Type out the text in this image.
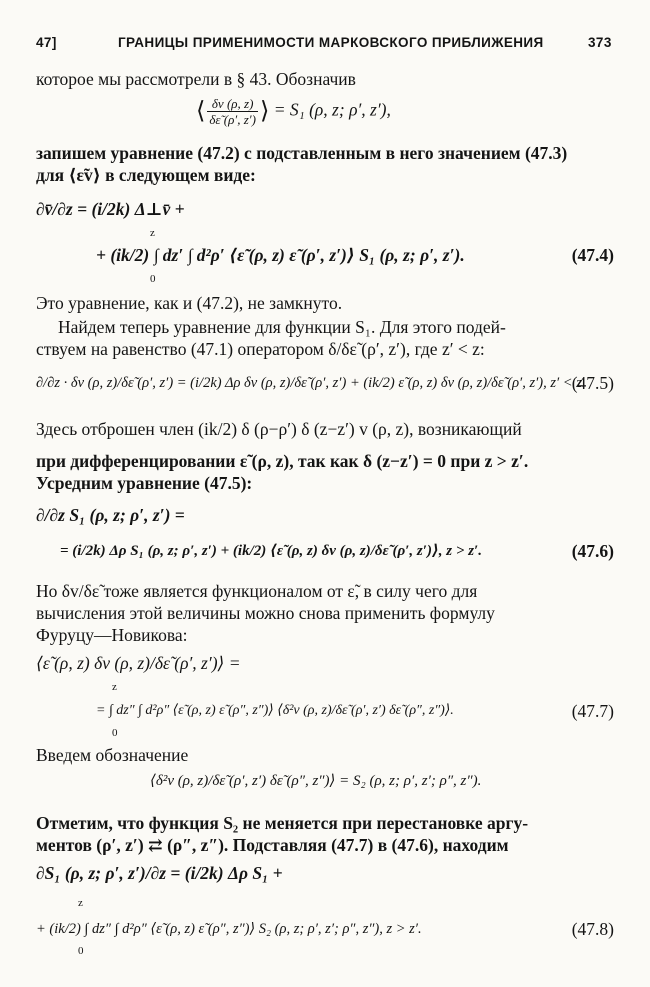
47]	ГРАНИЦЫ ПРИМЕНИМОСТИ МАРКОВСКОГО ПРИБЛИЖЕНИЯ	373
которое мы рассмотрели в § 43. Обозначив
⟨ $\frac{\delta v (\rho, z)}{\delta\varepsiloñ (\rho', z')}$ ⟩ = S₁ (ρ, z; ρ′, z′),
запишем уравнение (47.2) с подставленным в него значением (47.3)
для ⟨ε̃v⟩ в следующем виде:
∂v̄/∂z = (i/2k) Δ⊥v̄ +
+ (ik/2) ∫ dz′ ∫ d²ρ′ ⟨ε̃ (ρ, z) ε̃ (ρ′, z′)⟩ S₁ (ρ, z; ρ′, z′).
z
0
(47.4)
Это уравнение, как и (47.2), не замкнуто.
Найдем теперь уравнение для функции S₁. Для этого подей-
ствуем на равенство (47.1) оператором δ/δε̃ (ρ′, z′), где z′ < z:
∂/∂z · δv (ρ, z)/δε̃ (ρ′, z′) = (i/2k) Δρ δv (ρ, z)/δε̃ (ρ′, z′) + (ik/2) ε̃ (ρ, z) δv (ρ, z)/δε̃ (ρ′, z′), z′ < z.
(47.5)
Здесь отброшен член (ik/2) δ (ρ−ρ′) δ (z−z′) v (ρ, z), возникающий
при дифференцировании ε̃ (ρ, z), так как δ (z−z′) = 0 при z > z′.
Усредним уравнение (47.5):
∂/∂z S₁ (ρ, z; ρ′, z′) =
= (i/2k) Δρ S₁ (ρ, z; ρ′, z′) + (ik/2) ⟨ε̃ (ρ, z) δv (ρ, z)/δε̃ (ρ′, z′)⟩, z > z′.	(47.6)
Но δv/δε̃ тоже является функционалом от ε̃, в силу чего для
вычисления этой величины можно снова применить формулу
Фуруцу—Новикова:
⟨ε̃ (ρ, z) δv (ρ, z)/δε̃ (ρ′, z′)⟩ =
z
= ∫ dz″ ∫ d²ρ″ ⟨ε̃ (ρ, z) ε̃ (ρ″, z″)⟩ ⟨δ²v (ρ, z)/δε̃ (ρ′, z′) δε̃ (ρ″, z″)⟩.
0
(47.7)
Введем обозначение
⟨δ²v (ρ, z)/δε̃ (ρ′, z′) δε̃ (ρ″, z″)⟩ = S₂ (ρ, z; ρ′, z′; ρ″, z″).
Отметим, что функция S₂ не меняется при перестановке аргу-
ментов (ρ′, z′) ⇄ (ρ″, z″). Подставляя (47.7) в (47.6), находим
∂S₁ (ρ, z; ρ′, z′)/∂z = (i/2k) Δρ S₁ +
z
+ (ik/2) ∫ dz″ ∫ d²ρ″ ⟨ε̃ (ρ, z) ε̃ (ρ″, z″)⟩ S₂ (ρ, z; ρ′, z′; ρ″, z″), z > z′.
0
(47.8)
